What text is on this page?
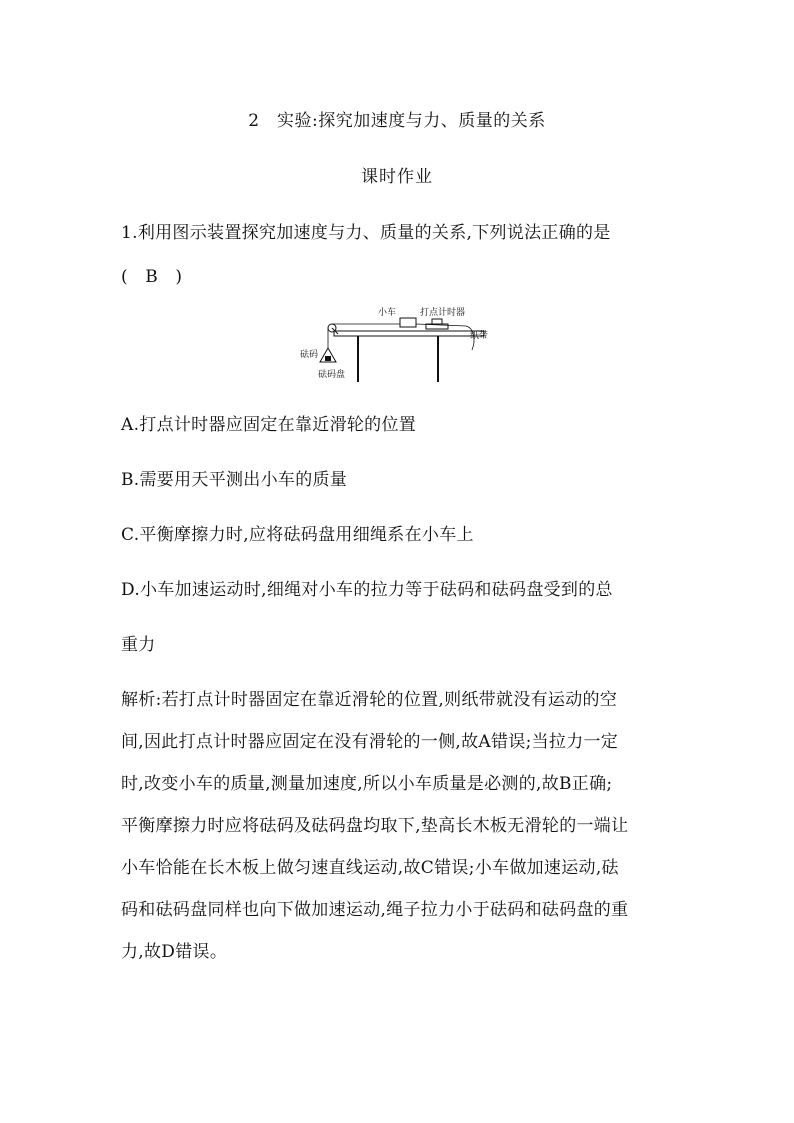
2　实验:探究加速度与力、质量的关系
课时作业
1.利用图示装置探究加速度与力、质量的关系,下列说法正确的是
(　B　)
小车	打点计时器
纸带
砝码
砝码盘
A.打点计时器应固定在靠近滑轮的位置
B.需要用天平测出小车的质量
C.平衡摩擦力时,应将砝码盘用细绳系在小车上
D.小车加速运动时,细绳对小车的拉力等于砝码和砝码盘受到的总
重力
解析:若打点计时器固定在靠近滑轮的位置,则纸带就没有运动的空
间,因此打点计时器应固定在没有滑轮的一侧,故A错误;当拉力一定
时,改变小车的质量,测量加速度,所以小车质量是必测的,故B正确;
平衡摩擦力时应将砝码及砝码盘均取下,垫高长木板无滑轮的一端让
小车恰能在长木板上做匀速直线运动,故C错误;小车做加速运动,砝
码和砝码盘同样也向下做加速运动,绳子拉力小于砝码和砝码盘的重
力,故D错误。
